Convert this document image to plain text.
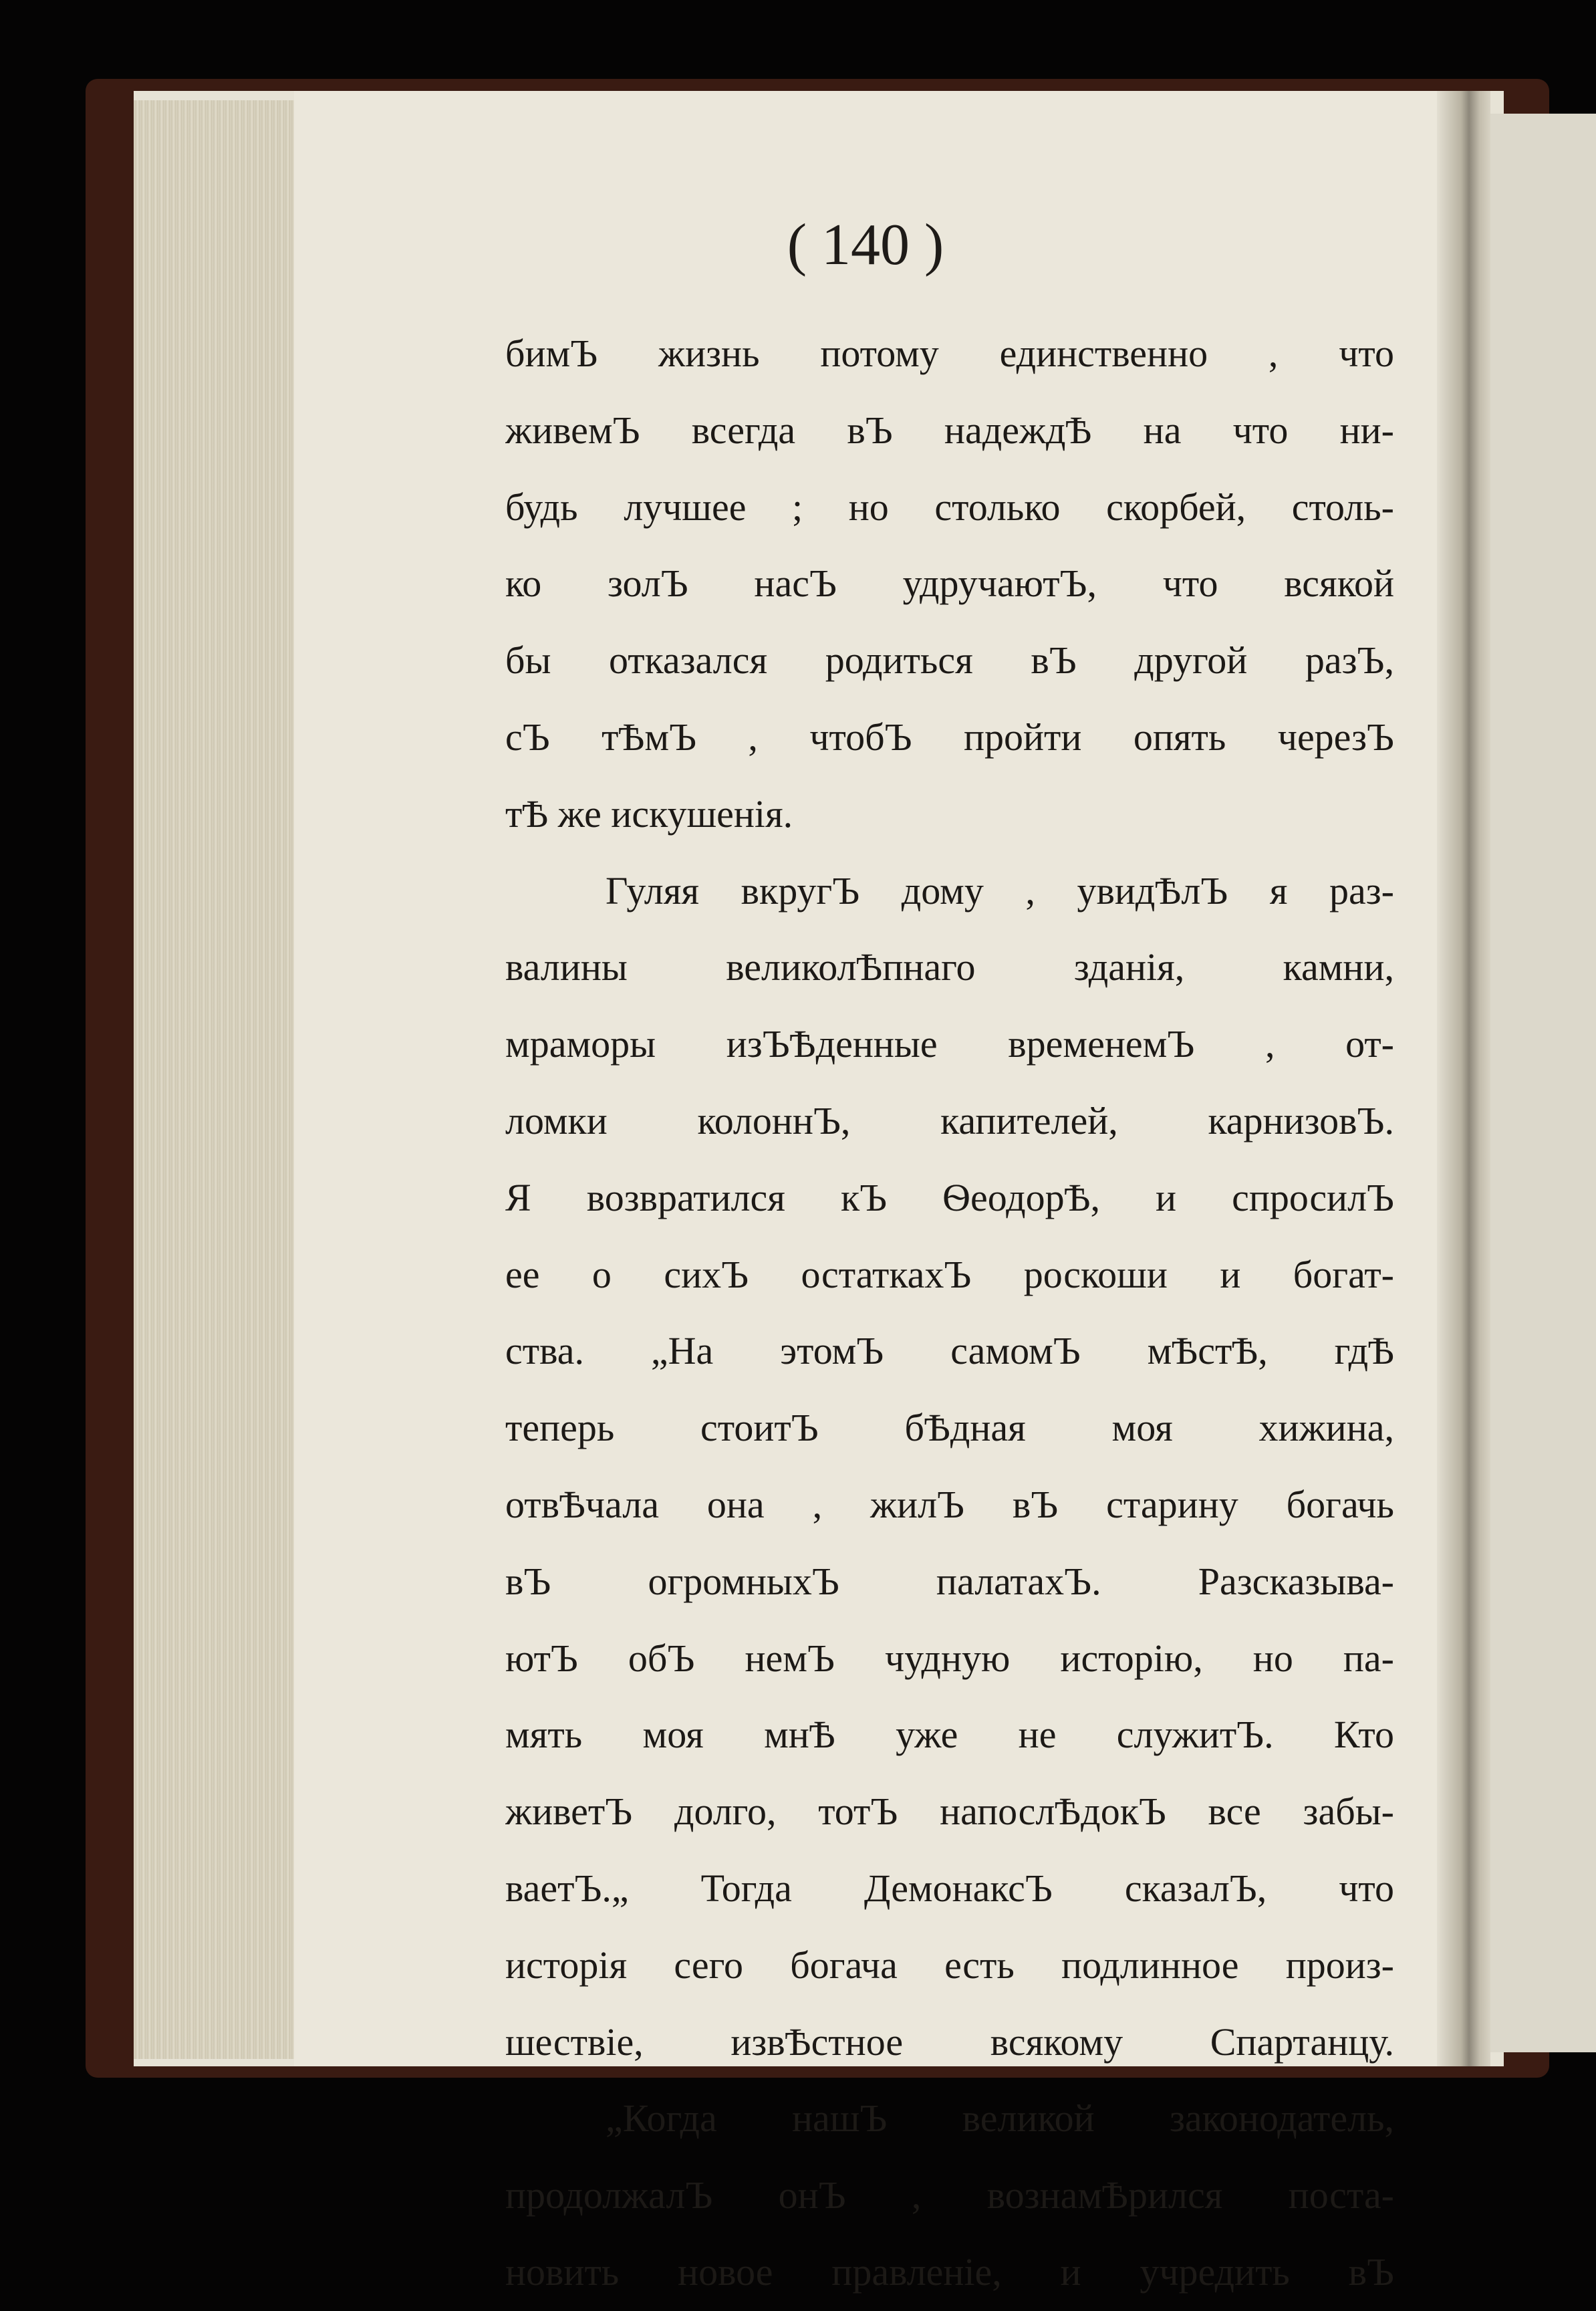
( 140 )
бимЪ жизнь потому единственно , что
живемЪ всегда вЪ надеждѢ на что ни-
будь лучшее ; но столько скорбей, столь-
ко золЪ насЪ удручаютЪ, что всякой
бы отказался родиться вЪ другой разЪ,
сЪ тѢмЪ , чтобЪ пройти опять черезЪ
тѢ же искушенія.
Гуляя вкругЪ дому , увидѢлЪ я раз-
валины великолѢпнаго зданія, камни,
мраморы изЪѢденные временемЪ , от-
ломки колоннЪ, капителей, карнизовЪ.
Я возвратился кЪ ѲеодорѢ, и спросилЪ
ее о сихЪ остаткахЪ роскоши и богат-
ства. „На этомЪ самомЪ мѢстѢ, гдѢ
теперь стоитЪ бѢдная моя хижина,
отвѢчала она , жилЪ вЪ старину богачь
вЪ огромныхЪ палатахЪ. Разсказыва-
ютЪ обЪ немЪ чудную исторію, но па-
мять моя мнѢ уже не служитЪ. Кто
живетЪ долго, тотЪ напослѢдокЪ все забы-
ваетЪ.„ Тогда ДемонаксЪ сказалЪ, что
исторія сего богача есть подлинное произ-
шествіе, извѢстное всякому Спартанцу.
„Когда нашЪ великой законодатель,
продолжалЪ онЪ , вознамѢрился поста-
новить новое правленіе, и учредить вЪ
